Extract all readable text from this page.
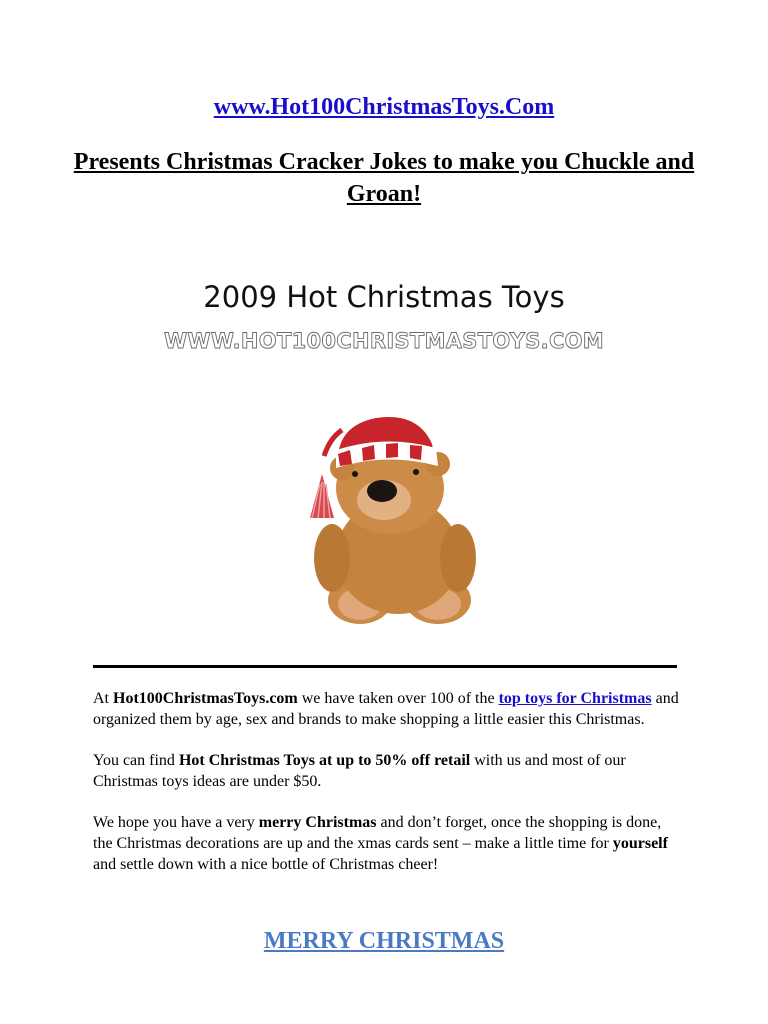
www.Hot100ChristmasToys.Com
Presents Christmas Cracker Jokes to make you Chuckle and Groan!
2009 Hot Christmas Toys
WWW.HOT100CHRISTMASTOYS.COM

At Hot100ChristmasToys.com we have taken over 100 of the top toys for Christmas and organized them by age, sex and brands to make shopping a little easier this Christmas.

You can find Hot Christmas Toys at up to 50% off retail with us and most of our Christmas toys ideas are under $50.

We hope you have a very merry Christmas and don’t forget, once the shopping is done, the Christmas decorations are up and the xmas cards sent – make a little time for yourself and settle down with a nice bottle of Christmas cheer!

MERRY CHRISTMAS
